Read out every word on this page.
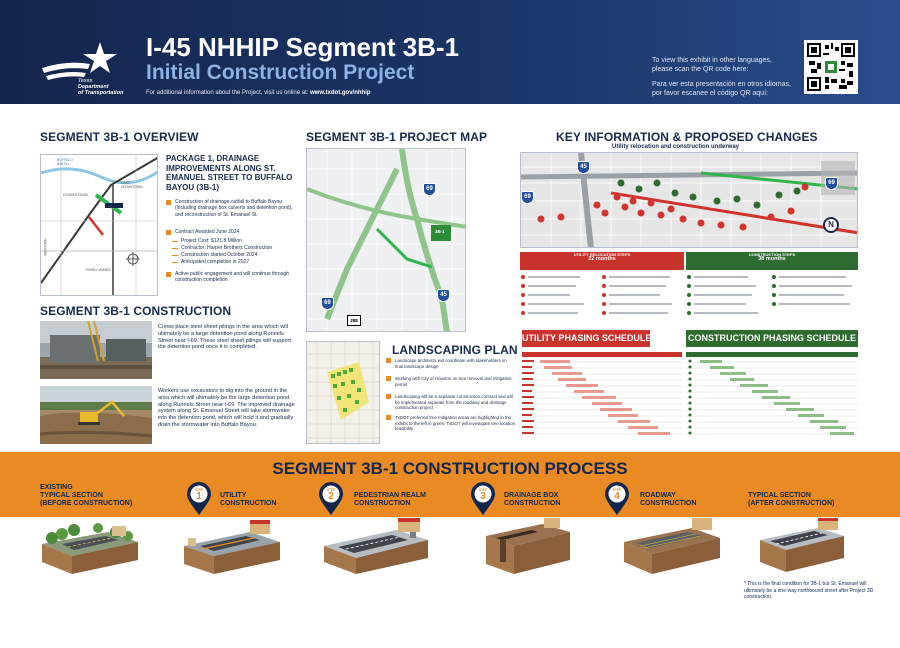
Texas
Department
of Transportation
I-45 NHHIP Segment 3B-1
Initial Construction Project
For additional information about the Project, visit us online at: www.txdot.gov/nhhip
To view this exhibit in other languages,
please scan the QR code here:
Para ver esta presentación en otros idiomas,
por favor escanee el código QR aquí:
SEGMENT 3B-1 OVERVIEW
BUFFALO BAYOU
DOWNTOWN
EAST DOWNTOWN
THIRD WARD
MIDTOWN
PACKAGE 1, DRAINAGE IMPROVEMENTS ALONG ST. EMANUEL STREET TO BUFFALO BAYOU (3B-1)
Construction of drainage outfall to Buffalo Bayou (including drainage box culverts and detention pond), and reconstruction of St. Emanuel St.
Contract Awarded June 2024
Project Cost: $121.8 Million
Contractor: Harper Brothers Construction
Construction started October 2024
Anticipated completion in 2027
Active public engagement and will continue through construction completion
SEGMENT 3B-1 CONSTRUCTION
Crews place steel sheet pilings in the area which will ultimately be a large detention pond along Runnels Street near I-69. These steel sheet pilings will support the detention pond once it is completed.
Workers use excavators to dig into the ground in the area which will ultimately be the large detention pond along Runnels Street near I-69. The improved drainage system along St. Emanuel Street will take stormwater into the detention pond, which will hold it and gradually drain the stormwater into Buffalo Bayou.
SEGMENT 3B-1 PROJECT MAP
3B-1
69
69
45
288
LANDSCAPING PLAN
Landscape architects will coordinate with stakeholders on final landscape design
Working with City of Houston on tree removal and mitigation permit
Landscaping will be a separate construction contract and will be implemented separate from the roadway and drainage construction project
TxDOT preferred tree mitigation areas are highlighted in the exhibit to the left in green. TxDOT will investigate tree location feasibility
KEY INFORMATION & PROPOSED CHANGES
Utility relocation and construction underway
45
69
69
N
UTILITY RELOCATION STEPS
22 months
CONSTRUCTION STEPS
38 months
UTILITY PHASING SCHEDULE	CONSTRUCTION PHASING SCHEDULE
SEGMENT 3B-1 CONSTRUCTION PROCESS
EXISTING
TYPICAL SECTION
(BEFORE CONSTRUCTION)
STEP
1	UTILITY
CONSTRUCTION
STEP
2	PEDESTRIAN REALM
CONSTRUCTION
STEP
3	DRAINAGE BOX
CONSTRUCTION
STEP
4	ROADWAY
CONSTRUCTION
TYPICAL SECTION
(AFTER CONSTRUCTION)
* This is the final condition for 3B-1 but St. Emanuel will ultimately be a one-way northbound street after Project 3D construction.
